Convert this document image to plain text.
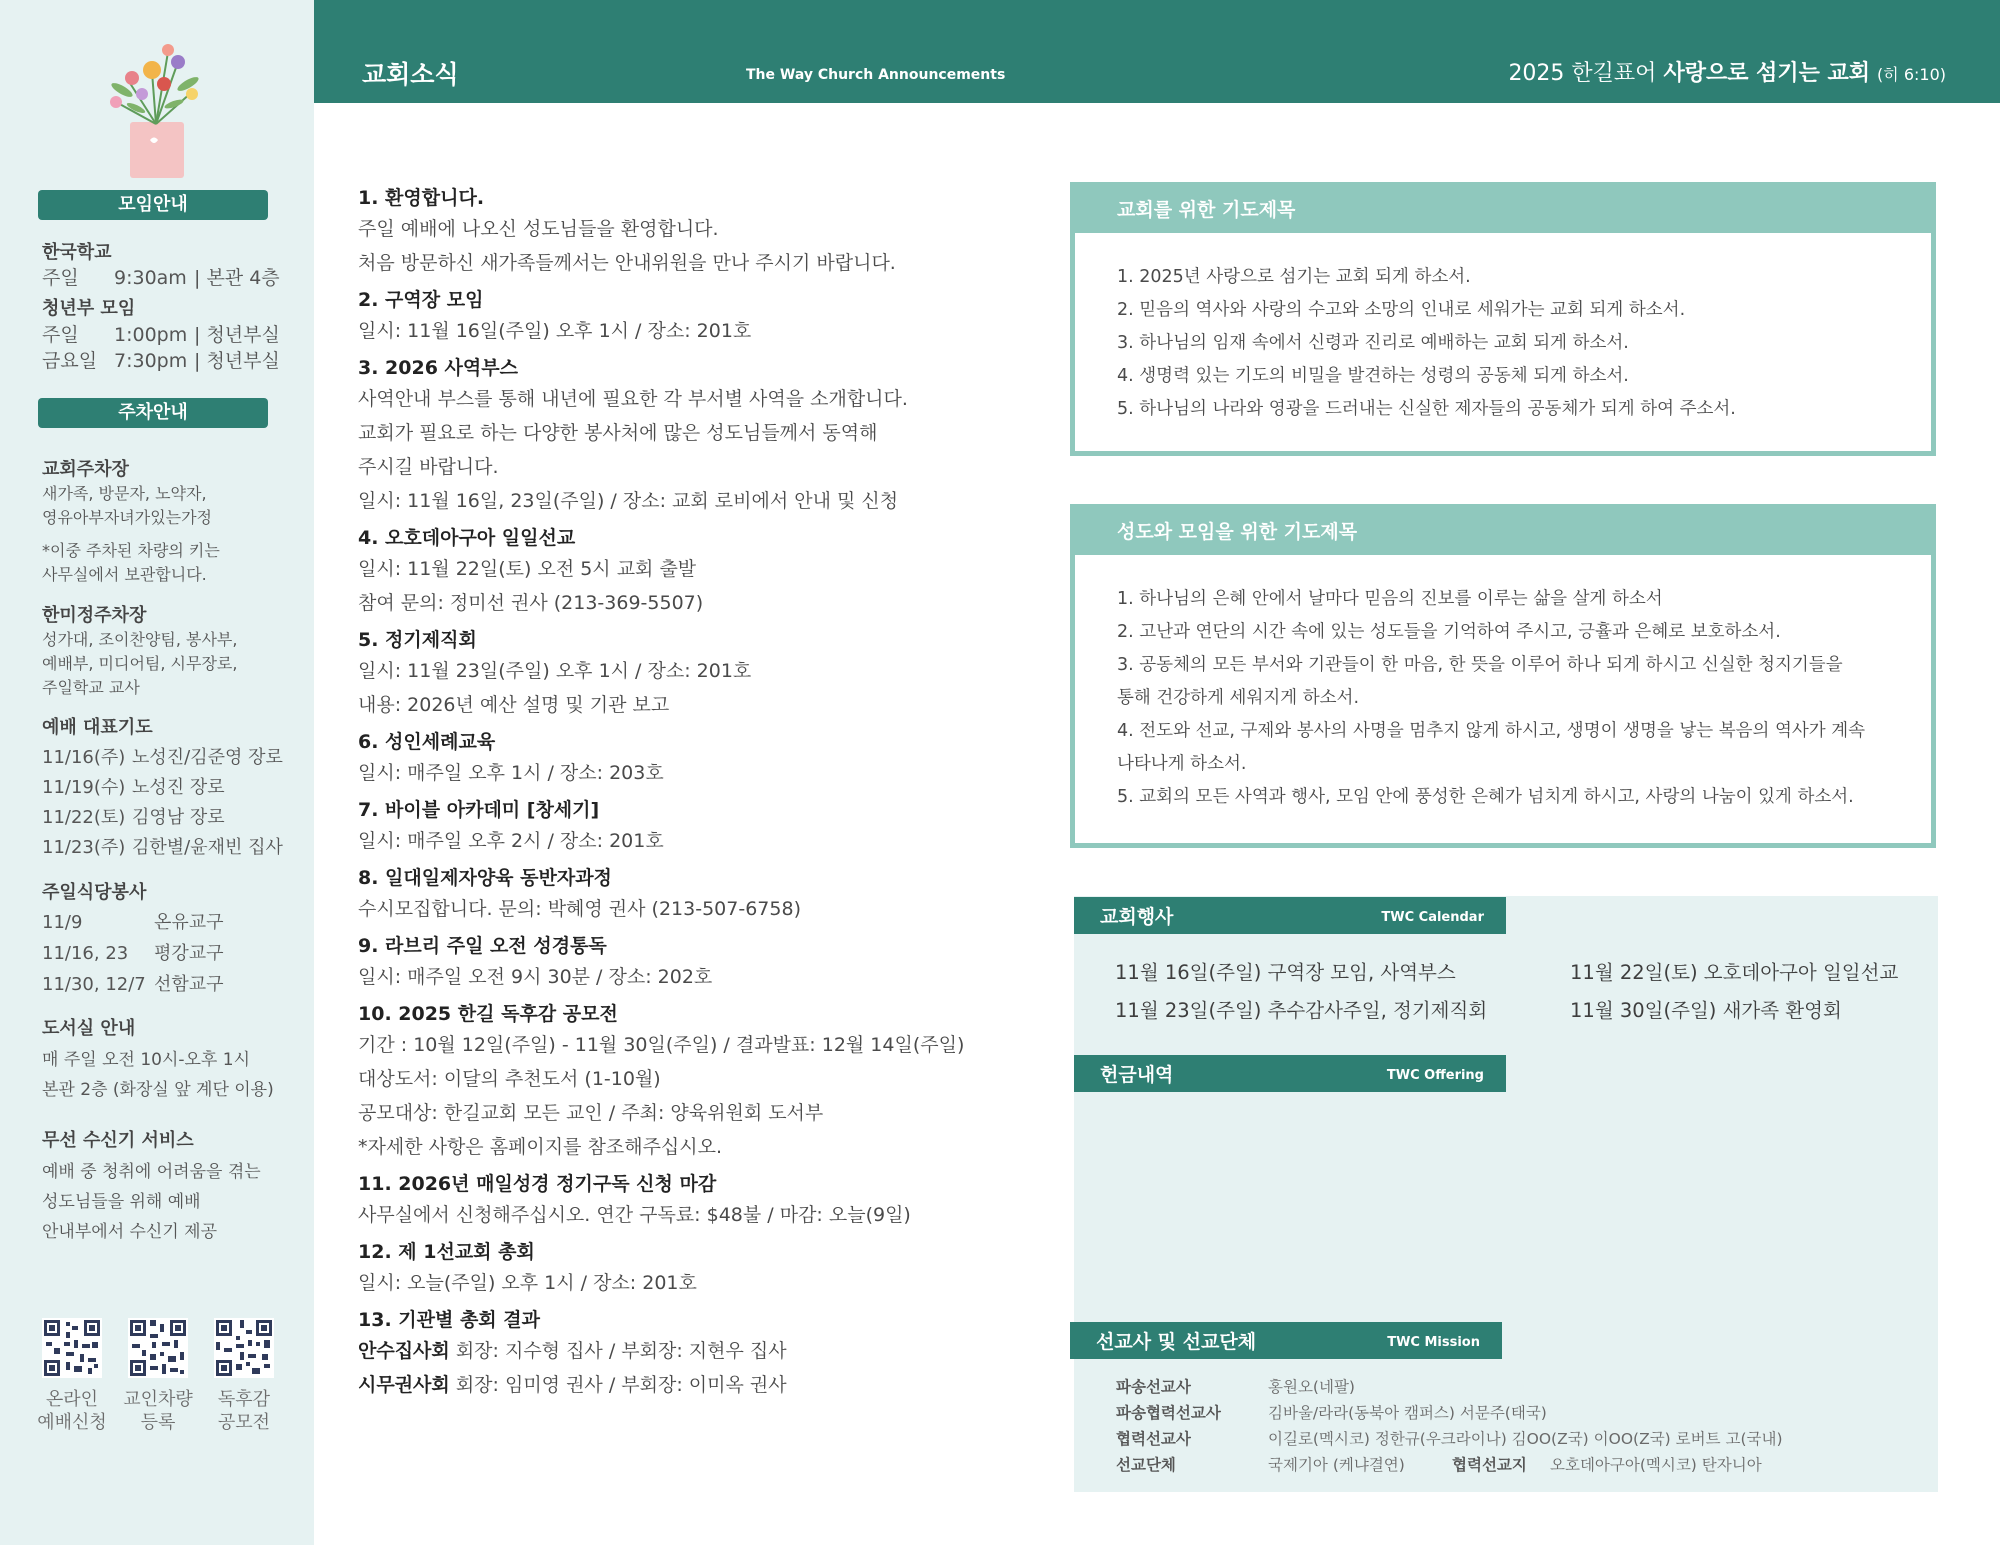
모임안내
한국학교
주일 9:30am | 본관 4층
청년부 모임
주일 1:00pm | 청년부실
금요일 7:30pm | 청년부실
주차안내
교회주차장
새가족, 방문자, 노약자,
영유아부자녀가있는가정
*이중 주차된 차량의 키는
사무실에서 보관합니다.
한미정주차장
성가대, 조이찬양팀, 봉사부,
예배부, 미디어팀, 시무장로,
주일학교 교사
예배 대표기도
11/16(주) 노성진/김준영 장로
11/19(수) 노성진 장로
11/22(토) 김영남 장로
11/23(주) 김한별/윤재빈 집사
주일식당봉사
11/9	온유교구
11/16, 23 평강교구
11/30, 12/7 선함교구
도서실 안내
매 주일 오전 10시-오후 1시
본관 2층 (화장실 앞 계단 이용)
무선 수신기 서비스
예배 중 청취에 어려움을 겪는
성도님들을 위해 예배
안내부에서 수신기 제공
온라인
예배신청
교인차량
등록
독후감
공모전
교회소식	The Way Church Announcements	2025 한길표어 사랑으로 섬기는 교회 (히 6:10)
1. 환영합니다.
주일 예배에 나오신 성도님들을 환영합니다.
처음 방문하신 새가족들께서는 안내위원을 만나 주시기 바랍니다.
2. 구역장 모임
일시: 11월 16일(주일) 오후 1시 / 장소: 201호
3. 2026 사역부스
사역안내 부스를 통해 내년에 필요한 각 부서별 사역을 소개합니다.
교회가 필요로 하는 다양한 봉사처에 많은 성도님들께서 동역해
주시길 바랍니다.
일시: 11월 16일, 23일(주일) / 장소: 교회 로비에서 안내 및 신청
4. 오호데아구아 일일선교
일시: 11월 22일(토) 오전 5시 교회 출발
참여 문의: 정미선 권사 (213-369-5507)
5. 정기제직회
일시: 11월 23일(주일) 오후 1시 / 장소: 201호
내용: 2026년 예산 설명 및 기관 보고
6. 성인세례교육
일시: 매주일 오후 1시 / 장소: 203호
7. 바이블 아카데미 [창세기]
일시: 매주일 오후 2시 / 장소: 201호
8. 일대일제자양육 동반자과정
수시모집합니다. 문의: 박혜영 권사 (213-507-6758)
9. 라브리 주일 오전 성경통독
일시: 매주일 오전 9시 30분 / 장소: 202호
10. 2025 한길 독후감 공모전
기간 : 10월 12일(주일) - 11월 30일(주일) / 결과발표: 12월 14일(주일)
대상도서: 이달의 추천도서 (1-10월)
공모대상: 한길교회 모든 교인 / 주최: 양육위원회 도서부
*자세한 사항은 홈페이지를 참조해주십시오.
11. 2026년 매일성경 정기구독 신청 마감
사무실에서 신청해주십시오. 연간 구독료: $48불 / 마감: 오늘(9일)
12. 제 1선교회 총회
일시: 오늘(주일) 오후 1시 / 장소: 201호
13. 기관별 총회 결과
안수집사회 회장: 지수형 집사 / 부회장: 지현우 집사
시무권사회 회장: 임미영 권사 / 부회장: 이미옥 권사
교회를 위한 기도제목
1. 2025년 사랑으로 섬기는 교회 되게 하소서.
2. 믿음의 역사와 사랑의 수고와 소망의 인내로 세워가는 교회 되게 하소서.
3. 하나님의 임재 속에서 신령과 진리로 예배하는 교회 되게 하소서.
4. 생명력 있는 기도의 비밀을 발견하는 성령의 공동체 되게 하소서.
5. 하나님의 나라와 영광을 드러내는 신실한 제자들의 공동체가 되게 하여 주소서.
성도와 모임을 위한 기도제목
1. 하나님의 은혜 안에서 날마다 믿음의 진보를 이루는 삶을 살게 하소서
2. 고난과 연단의 시간 속에 있는 성도들을 기억하여 주시고, 긍휼과 은혜로 보호하소서.
3. 공동체의 모든 부서와 기관들이 한 마음, 한 뜻을 이루어 하나 되게 하시고 신실한 청지기들을
통해 건강하게 세워지게 하소서.
4. 전도와 선교, 구제와 봉사의 사명을 멈추지 않게 하시고, 생명이 생명을 낳는 복음의 역사가 계속
나타나게 하소서.
5. 교회의 모든 사역과 행사, 모임 안에 풍성한 은혜가 넘치게 하시고, 사랑의 나눔이 있게 하소서.
교회행사	TWC Calendar
11월 16일(주일) 구역장 모임, 사역부스	11월 22일(토) 오호데아구아 일일선교
11월 23일(주일) 추수감사주일, 정기제직회	11월 30일(주일) 새가족 환영회
헌금내역	TWC Offering
선교사 및 선교단체	TWC Mission
파송선교사	홍원오(네팔)
파송협력선교사	김바울/라라(동북아 캠퍼스) 서문주(태국)
협력선교사	이길로(멕시코) 정한규(우크라이나) 김OO(Z국) 이OO(Z국) 로버트 고(국내)
선교단체	국제기아 (케냐결연)	협력선교지 오호데아구아(멕시코) 탄자니아
